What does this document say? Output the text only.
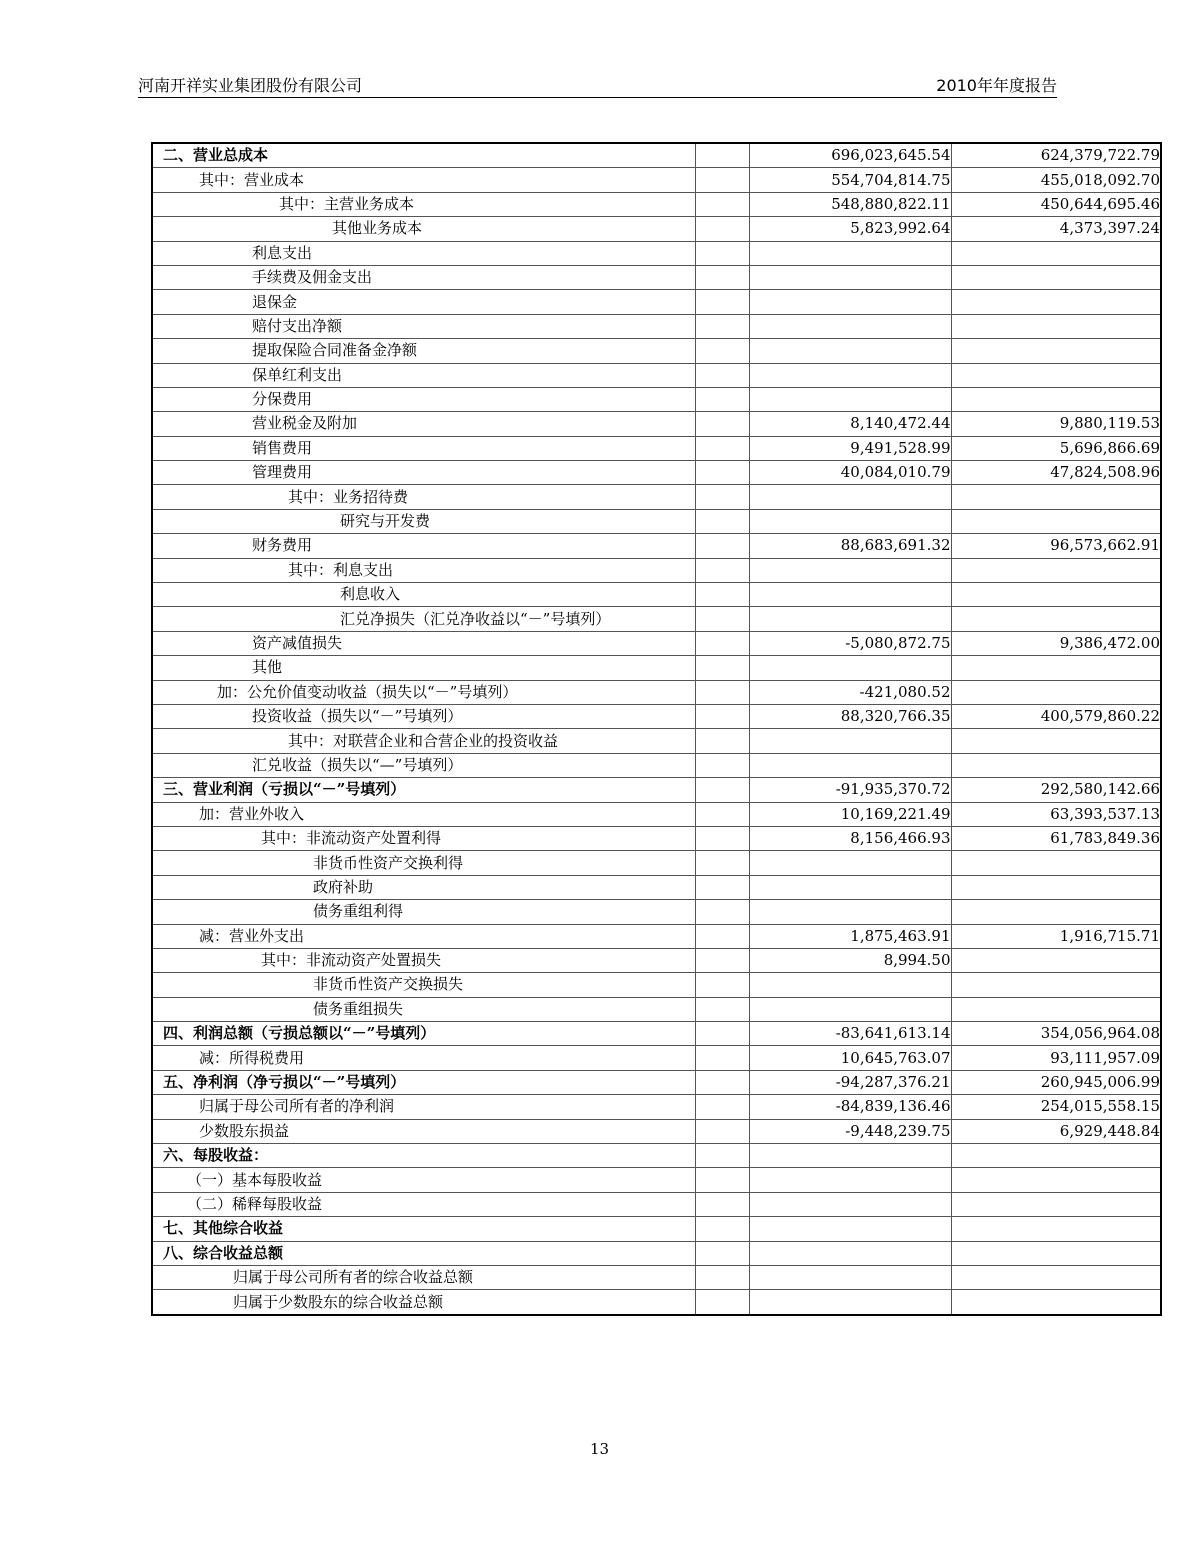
河南开祥实业集团股份有限公司	2010年年度报告
二、营业总成本		696,023,645.54	624,379,722.79
其中：营业成本		554,704,814.75	455,018,092.70
其中：主营业务成本		548,880,822.11	450,644,695.46
其他业务成本		5,823,992.64	4,373,397.24
利息支出			
手续费及佣金支出			
退保金			
赔付支出净额			
提取保险合同准备金净额			
保单红利支出			
分保费用			
营业税金及附加		8,140,472.44	9,880,119.53
销售费用		9,491,528.99	5,696,866.69
管理费用		40,084,010.79	47,824,508.96
其中：业务招待费			
研究与开发费			
财务费用		88,683,691.32	96,573,662.91
其中：利息支出			
利息收入			
汇兑净损失（汇兑净收益以“－”号填列）			
资产减值损失		-5,080,872.75	9,386,472.00
其他			
加：公允价值变动收益（损失以“－”号填列）		-421,080.52	
投资收益（损失以“－”号填列）		88,320,766.35	400,579,860.22
其中：对联营企业和合营企业的投资收益			
汇兑收益（损失以“—”号填列）			
三、营业利润（亏损以“－”号填列）		-91,935,370.72	292,580,142.66
加：营业外收入		10,169,221.49	63,393,537.13
其中：非流动资产处置利得		8,156,466.93	61,783,849.36
非货币性资产交换利得			
政府补助			
债务重组利得			
减：营业外支出		1,875,463.91	1,916,715.71
其中：非流动资产处置损失		8,994.50	
非货币性资产交换损失			
债务重组损失			
四、利润总额（亏损总额以“－”号填列）		-83,641,613.14	354,056,964.08
减：所得税费用		10,645,763.07	93,111,957.09
五、净利润（净亏损以“－”号填列）		-94,287,376.21	260,945,006.99
归属于母公司所有者的净利润		-84,839,136.46	254,015,558.15
少数股东损益		-9,448,239.75	6,929,448.84
六、每股收益：			
（一）基本每股收益			
（二）稀释每股收益			
七、其他综合收益			
八、综合收益总额			
归属于母公司所有者的综合收益总额			
归属于少数股东的综合收益总额			
13
